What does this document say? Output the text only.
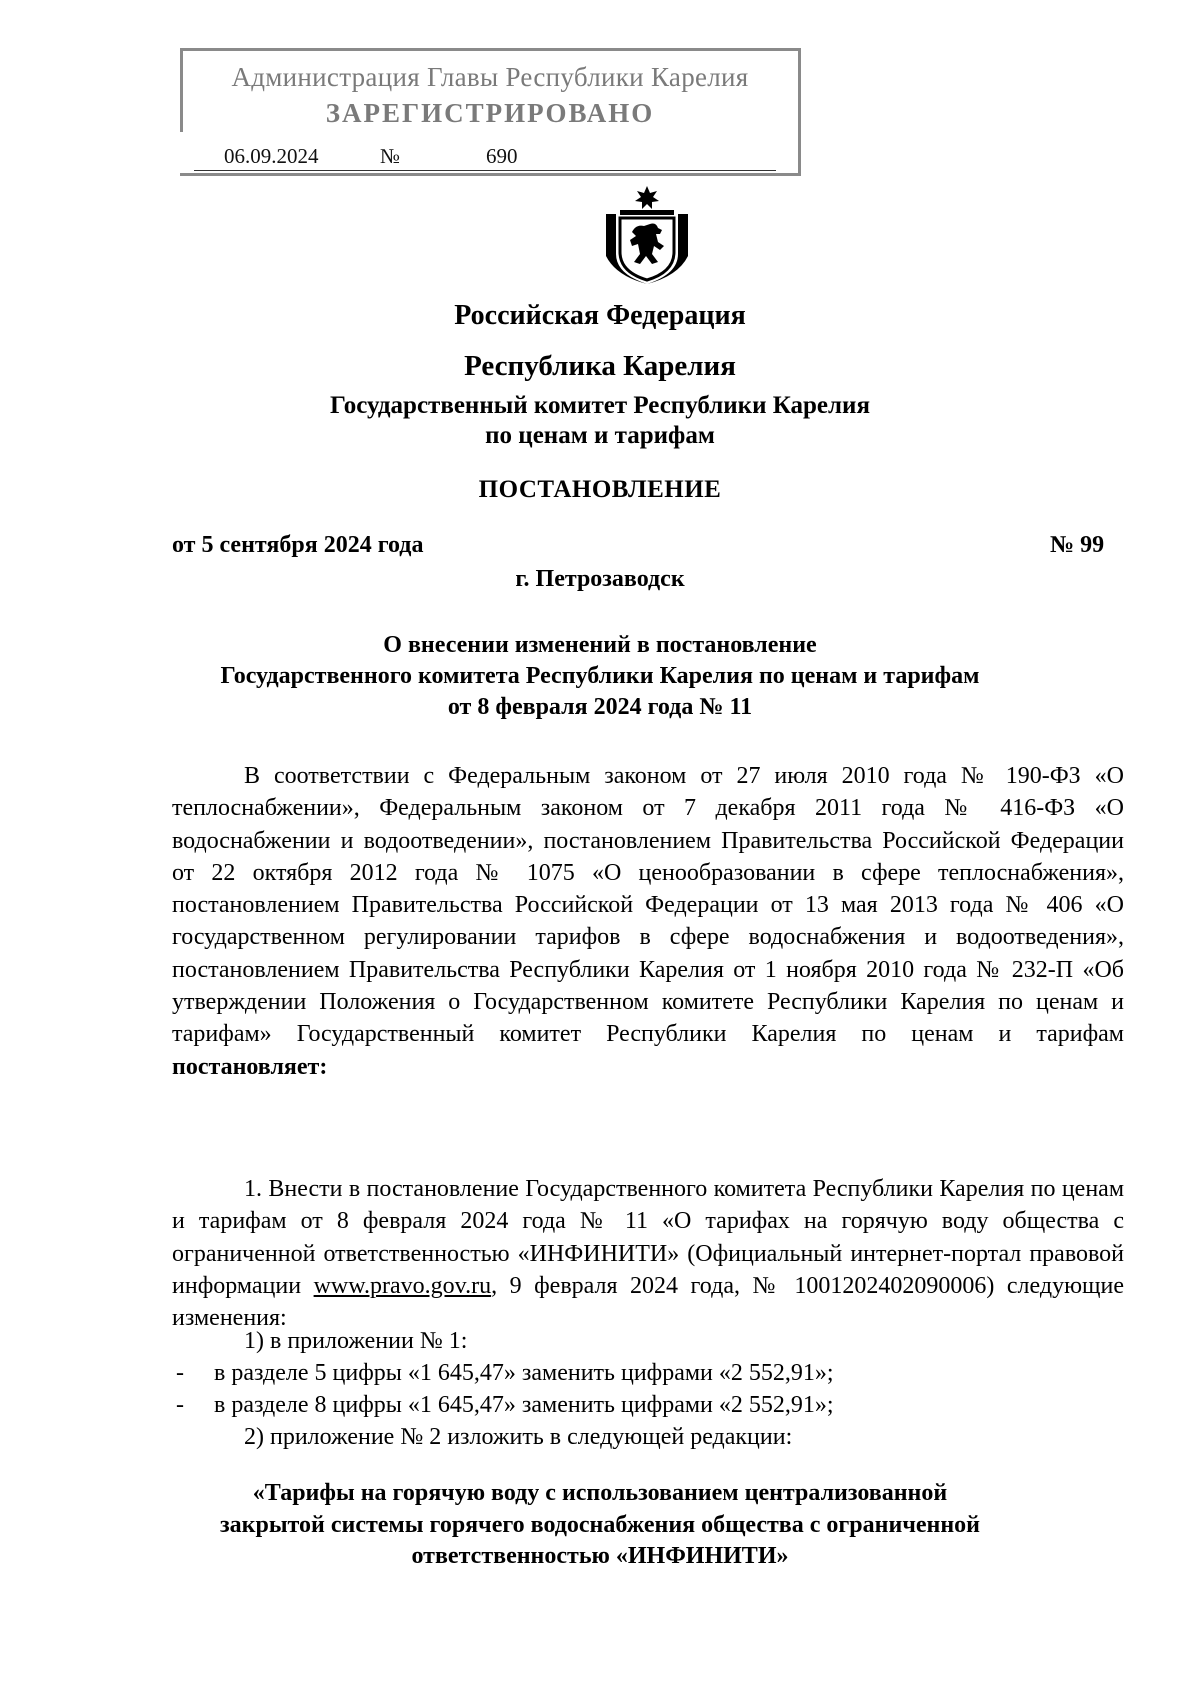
Администрация Главы Республики Карелия
ЗАРЕГИСТРИРОВАНО
06.09.2024	№	690
Российская Федерация
Республика Карелия
Государственный комитет Республики Карелия
по ценам и тарифам
ПОСТАНОВЛЕНИЕ
от 5 сентября 2024 года	№ 99
г. Петрозаводск
О внесении изменений в постановление
Государственного комитета Республики Карелия по ценам и тарифам
от 8 февраля 2024 года № 11

В соответствии с Федеральным законом от 27 июля 2010 года № 190-ФЗ «О теплоснабжении», Федеральным законом от 7 декабря 2011 года № 416-ФЗ «О водоснабжении и водоотведении», постановлением Правительства Российской Федерации от 22 октября 2012 года № 1075 «О ценообразовании в сфере теплоснабжения», постановлением Правительства Российской Федерации от 13 мая 2013 года № 406 «О государственном регулировании тарифов в сфере водоснабжения и водоотведения», постановлением Правительства Республики Карелия от 1 ноября 2010 года № 232-П «Об утверждении Положения о Государственном комитете Республики Карелия по ценам и тарифам» Государственный комитет Республики Карелия по ценам и тарифам постановляет:

1. Внести в постановление Государственного комитета Республики Карелия по ценам и тарифам от 8 февраля 2024 года № 11 «О тарифах на горячую воду общества с ограниченной ответственностью «ИНФИНИТИ» (Официальный интернет-портал правовой информации www.pravo.gov.ru, 9 февраля 2024 года, № 1001202402090006) следующие изменения:

1) в приложении № 1:
- в разделе 5 цифры «1 645,47» заменить цифрами «2 552,91»;
- в разделе 8 цифры «1 645,47» заменить цифрами «2 552,91»;
2) приложение № 2 изложить в следующей редакции:
«Тарифы на горячую воду с использованием централизованной
закрытой системы горячего водоснабжения общества с ограниченной
ответственностью «ИНФИНИТИ»
